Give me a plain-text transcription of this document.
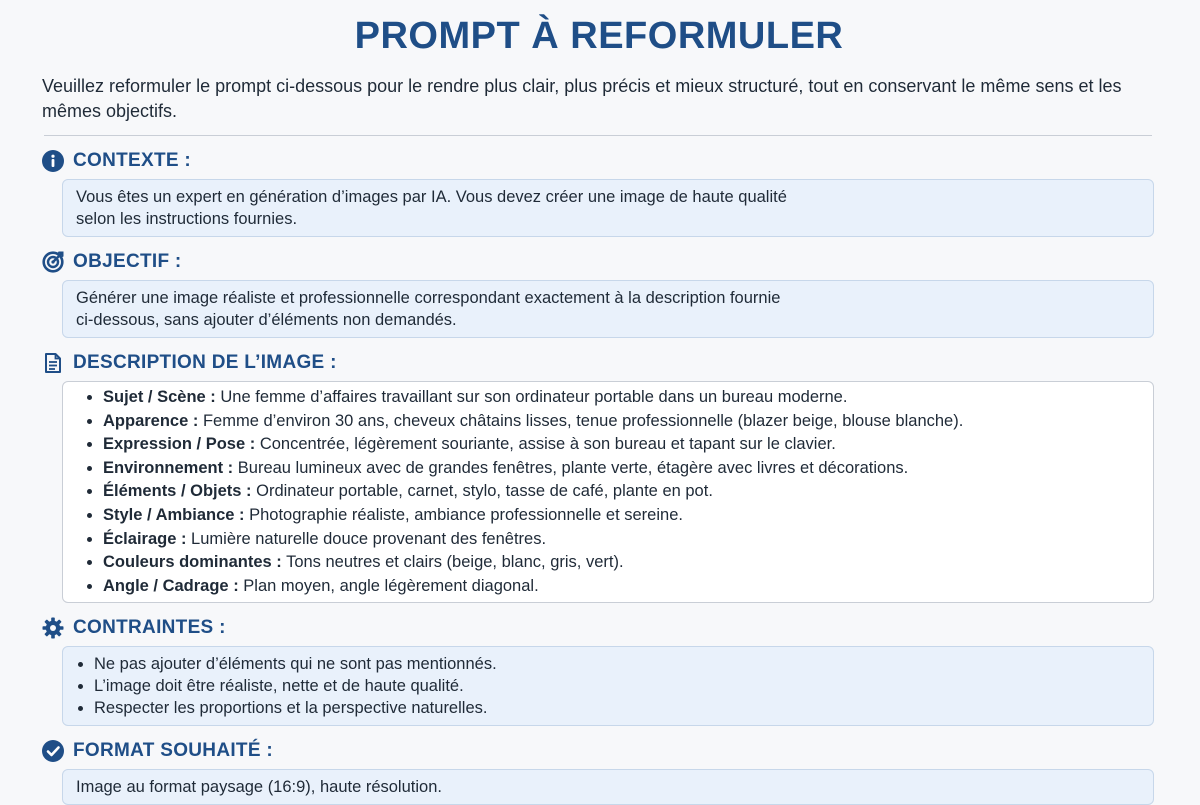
PROMPT À REFORMULER

Veuillez reformuler le prompt ci-dessous pour le rendre plus clair, plus précis et mieux structuré, tout en conservant le même sens et les mêmes objectifs.

CONTEXTE :

Vous êtes un expert en génération d’images par IA. Vous devez créer une image de haute qualité

selon les instructions fournies.

OBJECTIF :

Générer une image réaliste et professionnelle correspondant exactement à la description fournie

ci-dessous, sans ajouter d’éléments non demandés.

DESCRIPTION DE L’IMAGE :
• Sujet / Scène : Une femme d’affaires travaillant sur son ordinateur portable dans un bureau moderne.
• Apparence : Femme d’environ 30 ans, cheveux châtains lisses, tenue professionnelle (blazer beige, blouse blanche).
• Expression / Pose : Concentrée, légèrement souriante, assise à son bureau et tapant sur le clavier.
• Environnement : Bureau lumineux avec de grandes fenêtres, plante verte, étagère avec livres et décorations.
• Éléments / Objets : Ordinateur portable, carnet, stylo, tasse de café, plante en pot.
• Style / Ambiance : Photographie réaliste, ambiance professionnelle et sereine.
• Éclairage : Lumière naturelle douce provenant des fenêtres.
• Couleurs dominantes : Tons neutres et clairs (beige, blanc, gris, vert).
• Angle / Cadrage : Plan moyen, angle légèrement diagonal.
CONTRAINTES :
• Ne pas ajouter d’éléments qui ne sont pas mentionnés.
• L’image doit être réaliste, nette et de haute qualité.
• Respecter les proportions et la perspective naturelles.
FORMAT SOUHAITÉ :

Image au format paysage (16:9), haute résolution.
